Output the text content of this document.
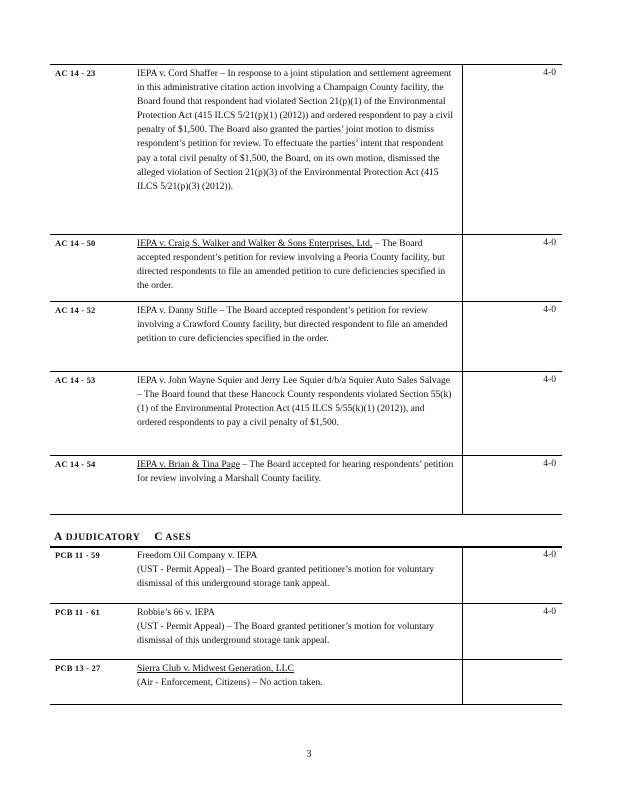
AC 14 - 23	IEPA v. Cord Shaffer – In response to a joint stipulation and settlement agreement in this administrative citation action involving a Champaign County facility, the Board found that respondent had violated Section 21(p)(1) of the Environmental Protection Act (415 ILCS 5/21(p)(1) (2012)) and ordered respondent to pay a civil penalty of $1,500. The Board also granted the parties’ joint motion to dismiss respondent’s petition for review. To effectuate the parties’ intent that respondent pay a total civil penalty of $1,500, the Board, on its own motion, dismissed the alleged violation of Section 21(p)(3) of the Environmental Protection Act (415 ILCS 5/21(p)(3) (2012)).
4-0
AC 14 - 50	IEPA v. Craig S. Walker and Walker & Sons Enterprises, Ltd. – The Board accepted respondent’s petition for review involving a Peoria County facility, but directed respondents to file an amended petition to cure deficiencies specified in the order.
4-0
AC 14 - 52	IEPA v. Danny Stifle – The Board accepted respondent’s petition for review involving a Crawford County facility, but directed respondent to file an amended petition to cure deficiencies specified in the order.
4-0
AC 14 - 53	IEPA v. John Wayne Squier and Jerry Lee Squier d/b/a Squier Auto Sales Salvage – The Board found that these Hancock County respondents violated Section 55(k)(1) of the Environmental Protection Act (415 ILCS 5/55(k)(1) (2012)), and ordered respondents to pay a civil penalty of $1,500.
4-0
AC 14 - 54	IEPA v. Brian & Tina Page – The Board accepted for hearing respondents’ petition for review involving a Marshall County facility.
4-0
A DJUDICATORY C ASES
PCB 11 - 59	Freedom Oil Company v. IEPA
(UST - Permit Appeal) – The Board granted petitioner’s motion for voluntary dismissal of this underground storage tank appeal.
4-0
PCB 11 - 61	Robbie’s 66 v. IEPA
(UST - Permit Appeal) – The Board granted petitioner’s motion for voluntary dismissal of this underground storage tank appeal.
4-0
PCB 13 - 27	Sierra Club v. Midwest Generation, LLC
(Air - Enforcement, Citizens) – No action taken.
3
